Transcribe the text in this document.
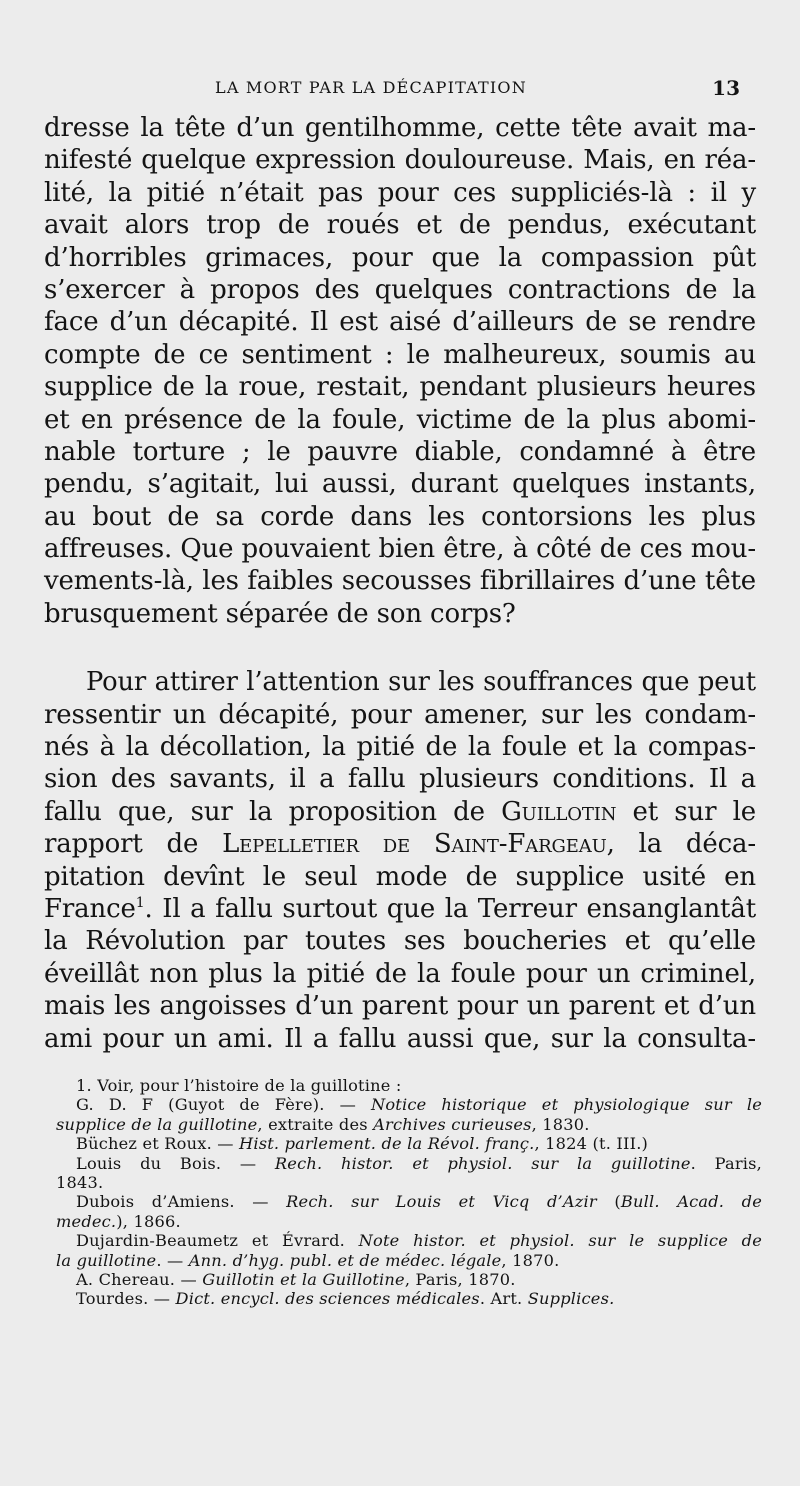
LA MORT PAR LA DÉCAPITATION	13
dresse la tête d’un gentilhomme, cette tête avait ma-
nifesté quelque expression douloureuse. Mais, en réa-
lité, la pitié n’était pas pour ces suppliciés-là : il y
avait alors trop de roués et de pendus, exécutant
d’horribles grimaces, pour que la compassion pût
s’exercer à propos des quelques contractions de la
face d’un décapité. Il est aisé d’ailleurs de se rendre
compte de ce sentiment : le malheureux, soumis au
supplice de la roue, restait, pendant plusieurs heures
et en présence de la foule, victime de la plus abomi-
nable torture ; le pauvre diable, condamné à être
pendu, s’agitait, lui aussi, durant quelques instants,
au bout de sa corde dans les contorsions les plus
affreuses. Que pouvaient bien être, à côté de ces mou-
vements-là, les faibles secousses fibrillaires d’une tête
brusquement séparée de son corps?
Pour attirer l’attention sur les souffrances que peut
ressentir un décapité, pour amener, sur les condam-
nés à la décollation, la pitié de la foule et la compas-
sion des savants, il a fallu plusieurs conditions. Il a
fallu que, sur la proposition de Guillotin et sur le
rapport de Lepelletier de Saint-Fargeau, la déca-
pitation devînt le seul mode de supplice usité en
France$^1$. Il a fallu surtout que la Terreur ensanglantât
la Révolution par toutes ses boucheries et qu’elle
éveillât non plus la pitié de la foule pour un criminel,
mais les angoisses d’un parent pour un parent et d’un
ami pour un ami. Il a fallu aussi que, sur la consulta-
1. Voir, pour l’histoire de la guillotine :
G. D. F (Guyot de Fère). — Notice historique et physiologique sur le
supplice de la guillotine, extraite des Archives curieuses, 1830.
Büchez et Roux. — Hist. parlement. de la Révol. franç., 1824 (t. III.)
Louis du Bois. — Rech. histor. et physiol. sur la guillotine. Paris,
1843.
Dubois d’Amiens. — Rech. sur Louis et Vicq d’Azir (Bull. Acad. de
medec.), 1866.
Dujardin-Beaumetz et Évrard. Note histor. et physiol. sur le supplice de
la guillotine. — Ann. d’hyg. publ. et de médec. légale, 1870.
A. Chereau. — Guillotin et la Guillotine, Paris, 1870.
Tourdes. — Dict. encycl. des sciences médicales. Art. Supplices.
